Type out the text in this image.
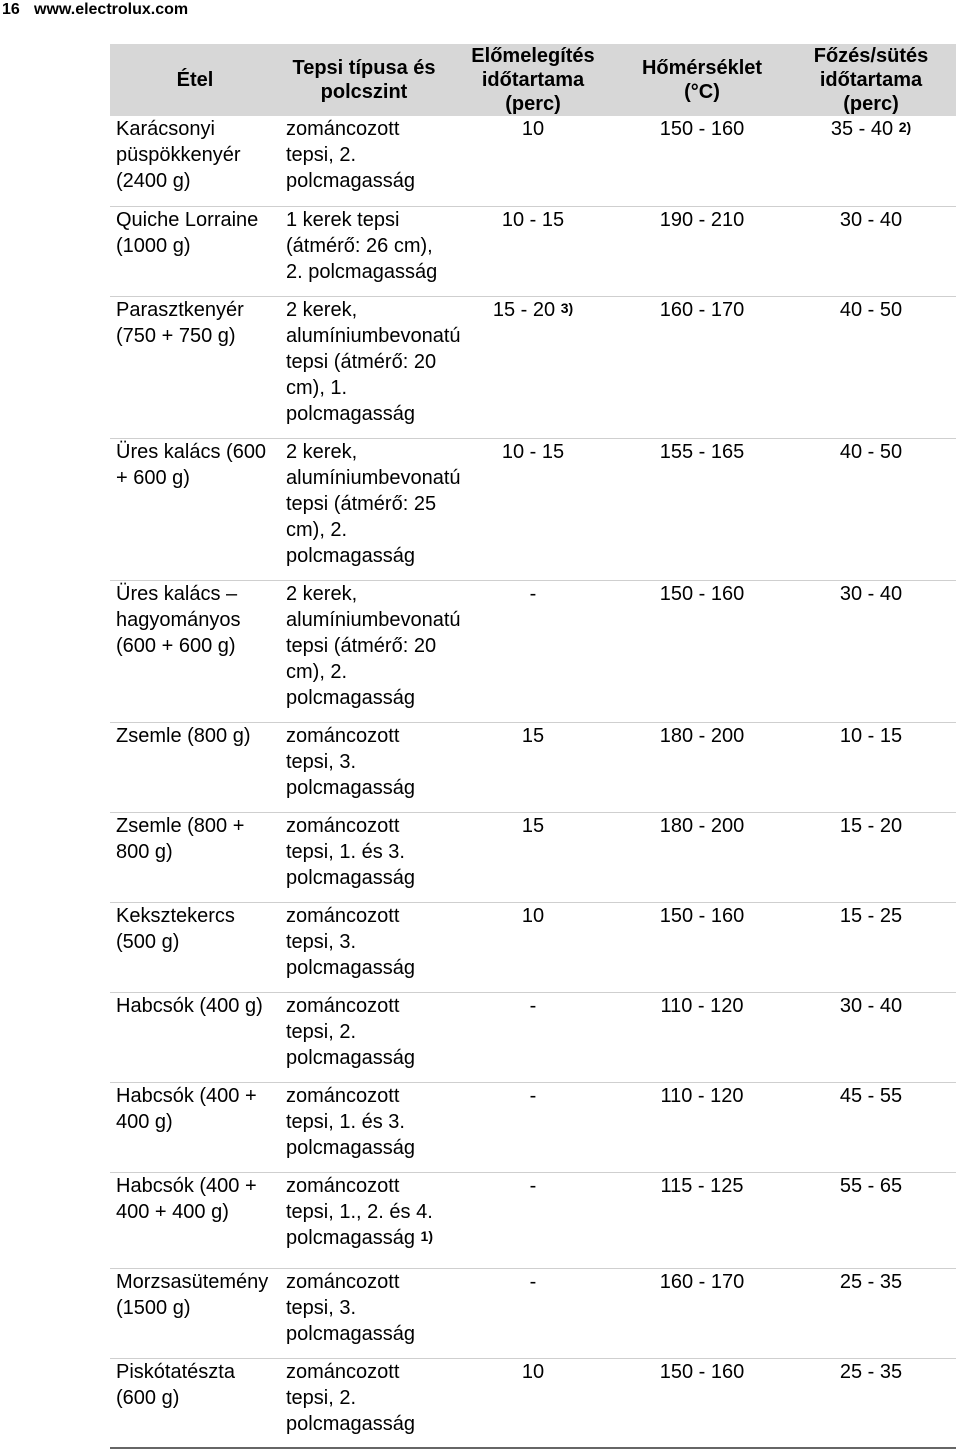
16 www.electrolux.com
Étel	Tepsi típusa és polcszint	Előmelegítés időtartama (perc)	Hőmérséklet (°C)	Főzés/sütés időtartama (perc)
Karácsonyi püspökkenyér (2400 g)	zománcozott tepsi, 2. polcmagasság	10	150 - 160	35 - 40 $^{2)}$
Quiche Lorraine (1000 g)	1 kerek tepsi (átmérő: 26 cm), 2. polcmagasság	10 - 15	190 - 210	30 - 40
Parasztkenyér (750 + 750 g)	2 kerek, alumíniumbevonatú tepsi (átmérő: 20 cm), 1. polcmagasság	15 - 20 $^{3)}$	160 - 170	40 - 50
Üres kalács (600 + 600 g)	2 kerek, alumíniumbevonatú tepsi (átmérő: 25 cm), 2. polcmagasság	10 - 15	155 - 165	40 - 50
Üres kalács – hagyományos (600 + 600 g)	2 kerek, alumíniumbevonatú tepsi (átmérő: 20 cm), 2. polcmagasság	-	150 - 160	30 - 40
Zsemle (800 g)	zománcozott tepsi, 3. polcmagasság	15	180 - 200	10 - 15
Zsemle (800 + 800 g)	zománcozott tepsi, 1. és 3. polcmagasság	15	180 - 200	15 - 20
Keksztekercs (500 g)	zománcozott tepsi, 3. polcmagasság	10	150 - 160	15 - 25
Habcsók (400 g)	zománcozott tepsi, 2. polcmagasság	-	110 - 120	30 - 40
Habcsók (400 + 400 g)	zománcozott tepsi, 1. és 3. polcmagasság	-	110 - 120	45 - 55
Habcsók (400 + 400 + 400 g)	zománcozott tepsi, 1., 2. és 4. polcmagasság $^{1)}$	-	115 - 125	55 - 65
Morzsasütemény (1500 g)	zománcozott tepsi, 3. polcmagasság	-	160 - 170	25 - 35
Piskótatészta (600 g)	zománcozott tepsi, 2. polcmagasság	10	150 - 160	25 - 35
